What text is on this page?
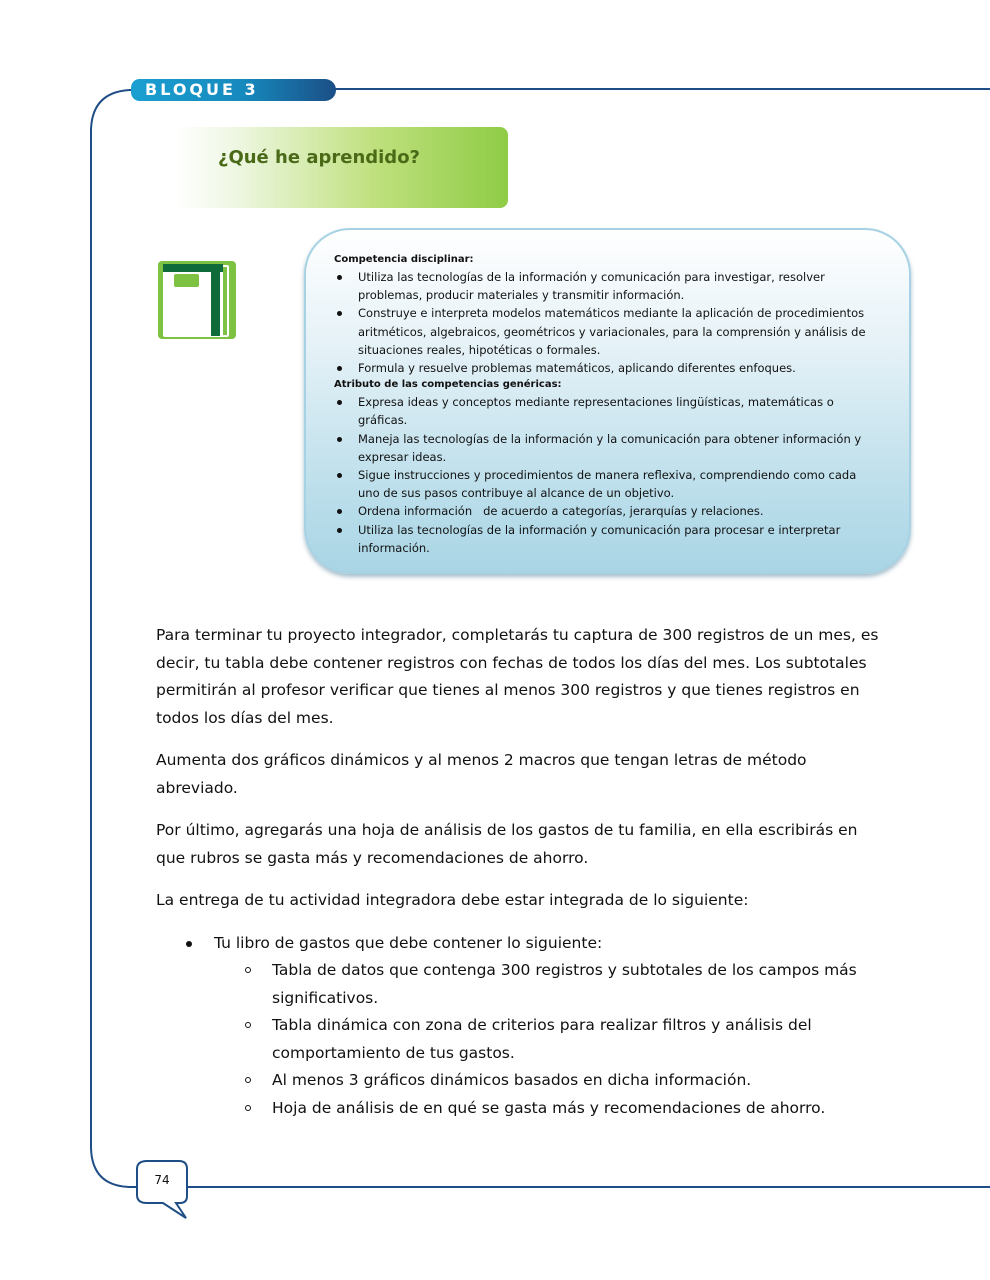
BLOQUE 3
¿Qué he aprendido?
Competencia disciplinar:
Utiliza las tecnologías de la información y comunicación para investigar, resolver problemas, producir materiales y transmitir información.
Construye e interpreta modelos matemáticos mediante la aplicación de procedimientos aritméticos, algebraicos, geométricos y variacionales, para la comprensión y análisis de situaciones reales, hipotéticas o formales.
Formula y resuelve problemas matemáticos, aplicando diferentes enfoques.
Atributo de las competencias genéricas:
Expresa ideas y conceptos mediante representaciones lingüísticas, matemáticas o gráficas.
Maneja las tecnologías de la información y la comunicación para obtener información y expresar ideas.
Sigue instrucciones y procedimientos de manera reflexiva, comprendiendo como cada uno de sus pasos contribuye al alcance de un objetivo.
Ordena información   de acuerdo a categorías, jerarquías y relaciones.
Utiliza las tecnologías de la información y comunicación para procesar e interpretar información.

Para terminar tu proyecto integrador, completarás tu captura de 300 registros de un mes, es decir, tu tabla debe contener registros con fechas de todos los días del mes. Los subtotales permitirán al profesor verificar que tienes al menos 300 registros y que tienes registros en todos los días del mes.

Aumenta dos gráficos dinámicos y al menos 2 macros que tengan letras de método abreviado.

Por último, agregarás una hoja de análisis de los gastos de tu familia, en ella escribirás en que rubros se gasta más y recomendaciones de ahorro.

La entrega de tu actividad integradora debe estar integrada de lo siguiente:

Tu libro de gastos que debe contener lo siguiente:
Tabla de datos que contenga 300 registros y subtotales de los campos más significativos.
Tabla dinámica con zona de criterios para realizar filtros y análisis del comportamiento de tus gastos.
Al menos 3 gráficos dinámicos basados en dicha información.
Hoja de análisis de en qué se gasta más y recomendaciones de ahorro.
74
